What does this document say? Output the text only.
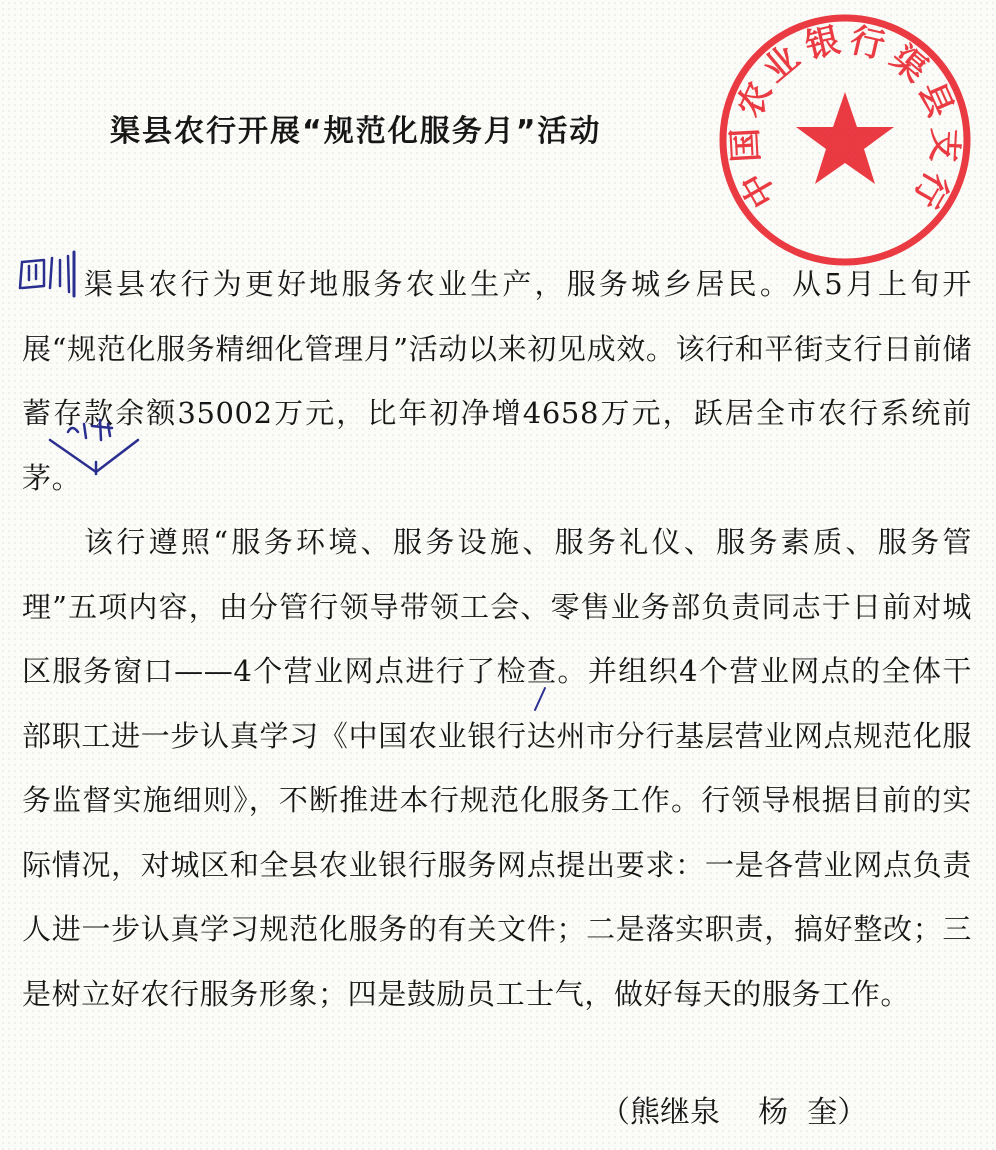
渠县农行开展“规范化服务月”活动

渠县农行为更好地服务农业生产，服务城乡居民。从5月上旬开展“规范化服务精细化管理月”活动以来初见成效。该行和平街支行日前储蓄存款余额35002万元，比年初净增4658万元，跃居全市农行系统前茅。

该行遵照“服务环境、服务设施、服务礼仪、服务素质、服务管理”五项内容，由分管行领导带领工会、零售业务部负责同志于日前对城区服务窗口——4个营业网点进行了检查。并组织4个营业网点的全体干部职工进一步认真学习《中国农业银行达州市分行基层营业网点规范化服务监督实施细则》，不断推进本行规范化服务工作。行领导根据目前的实际情况，对城区和全县农业银行服务网点提出要求：一是各营业网点负责人进一步认真学习规范化服务的有关文件；二是落实职责，搞好整改；三是树立好农行服务形象；四是鼓励员工士气，做好每天的服务工作。

（熊继泉    杨  奎）
中
国
农
业
银 行
渠
县
支
行
